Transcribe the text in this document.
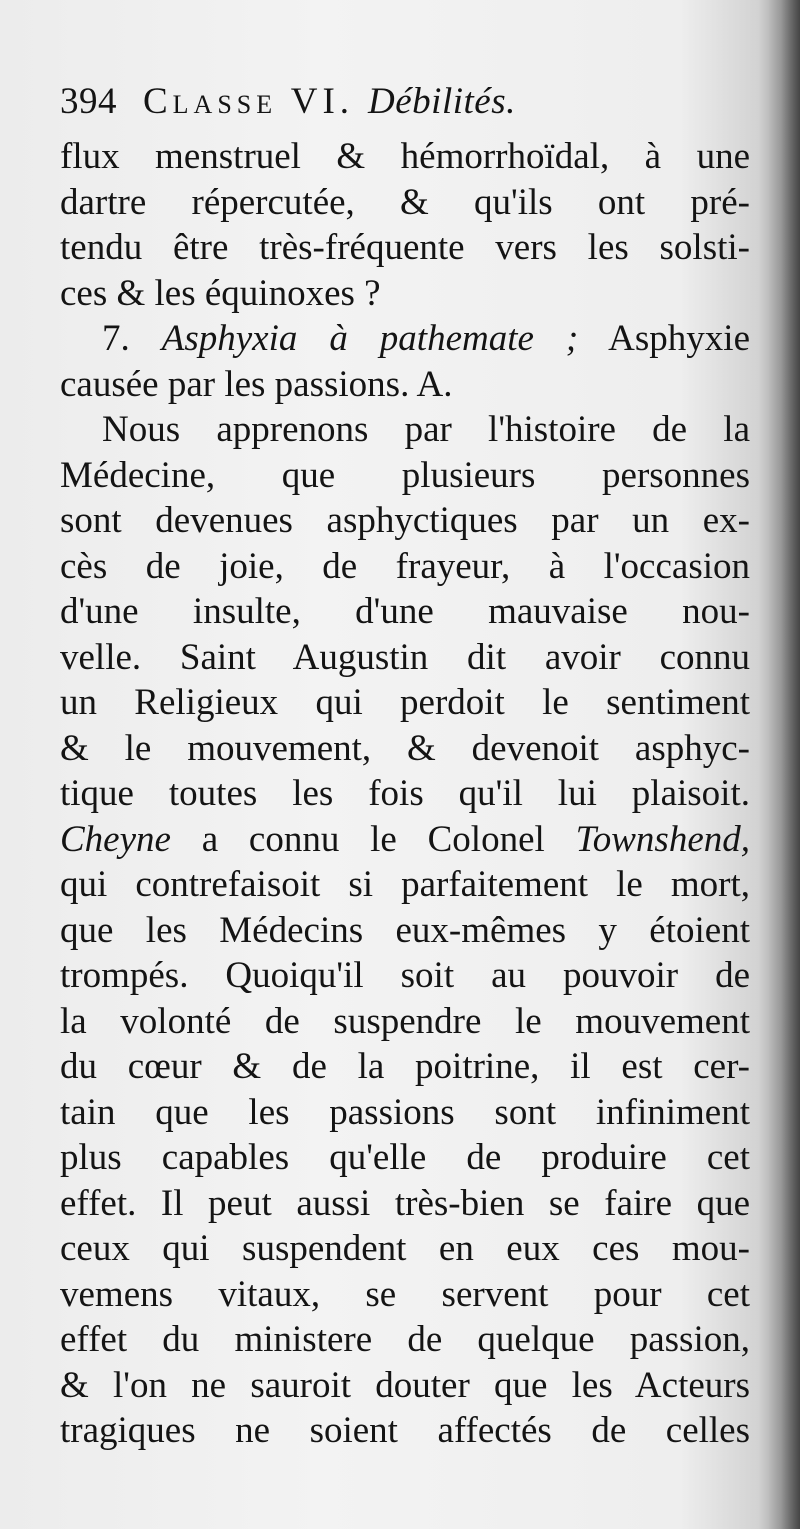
394 Classe VI. Débilités.
flux menstruel & hémorrhoïdal, à une
dartre répercutée, & qu'ils ont pré-
tendu être très-fréquente vers les solsti-
ces & les équinoxes ?
7. Asphyxia à pathemate ; Asphyxie
causée par les passions. A.
Nous apprenons par l'histoire de la
Médecine, que plusieurs personnes
sont devenues asphyctiques par un ex-
cès de joie, de frayeur, à l'occasion
d'une insulte, d'une mauvaise nou-
velle. Saint Augustin dit avoir connu
un Religieux qui perdoit le sentiment
& le mouvement, & devenoit asphyc-
tique toutes les fois qu'il lui plaisoit.
Cheyne a connu le Colonel Townshend,
qui contrefaisoit si parfaitement le mort,
que les Médecins eux-mêmes y étoient
trompés. Quoiqu'il soit au pouvoir de
la volonté de suspendre le mouvement
du cœur & de la poitrine, il est cer-
tain que les passions sont infiniment
plus capables qu'elle de produire cet
effet. Il peut aussi très-bien se faire que
ceux qui suspendent en eux ces mou-
vemens vitaux, se servent pour cet
effet du ministere de quelque passion,
& l'on ne sauroit douter que les Acteurs
tragiques ne soient affectés de celles
